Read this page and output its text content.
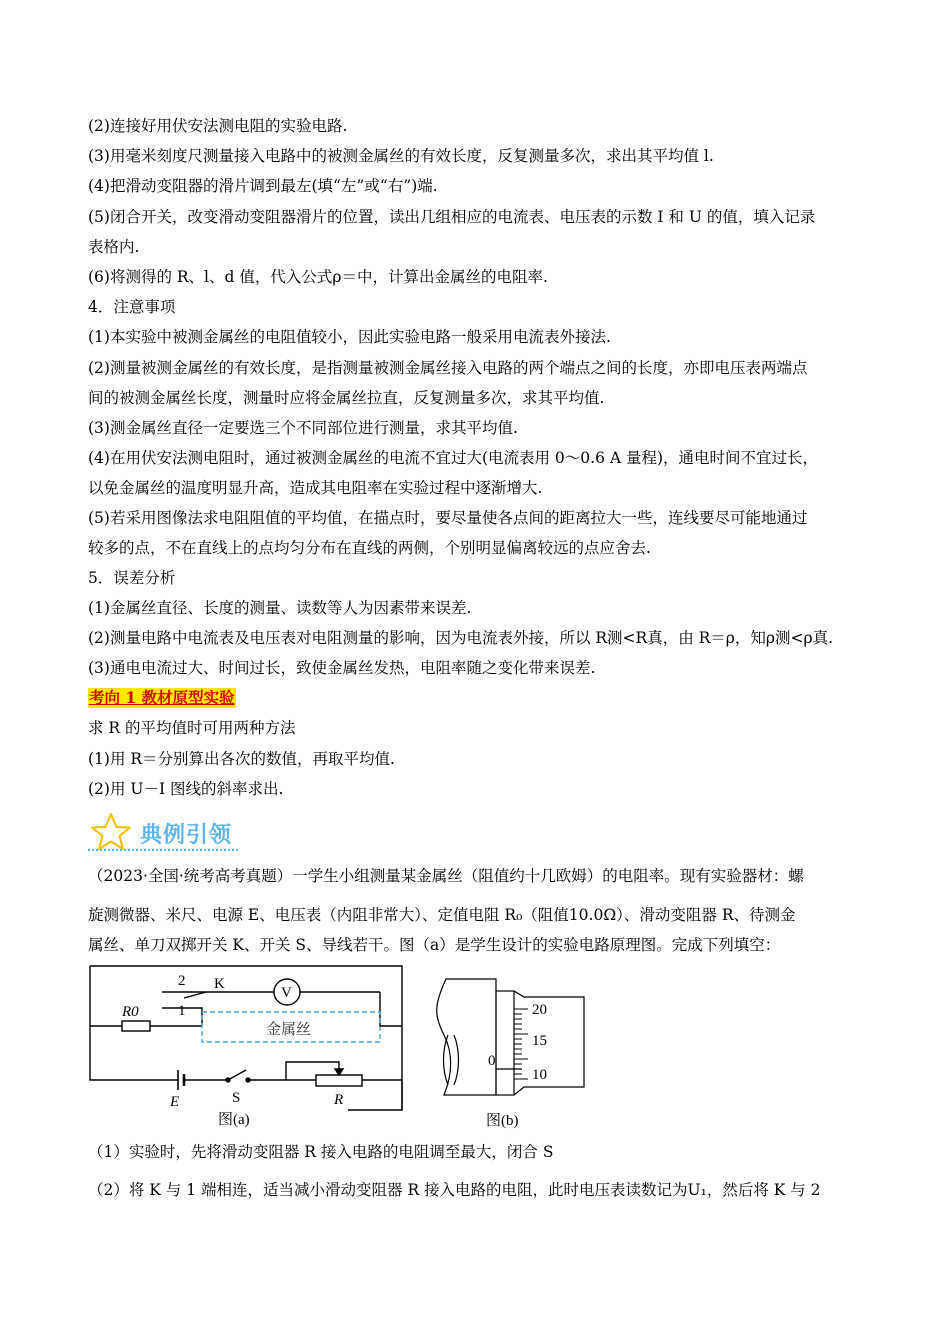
(2)连接好用伏安法测电阻的实验电路.
(3)用毫米刻度尺测量接入电路中的被测金属丝的有效长度，反复测量多次，求出其平均值 l.
(4)把滑动变阻器的滑片调到最左(填“左”或“右”)端.
(5)闭合开关，改变滑动变阻器滑片的位置，读出几组相应的电流表、电压表的示数 I 和 U 的值，填入记录
表格内.
(6)将测得的 R、l、d 值，代入公式ρ＝中，计算出金属丝的电阻率.
4．注意事项
(1)本实验中被测金属丝的电阻值较小，因此实验电路一般采用电流表外接法.
(2)测量被测金属丝的有效长度，是指测量被测金属丝接入电路的两个端点之间的长度，亦即电压表两端点
间的被测金属丝长度，测量时应将金属丝拉直，反复测量多次，求其平均值.
(3)测金属丝直径一定要选三个不同部位进行测量，求其平均值.
(4)在用伏安法测电阻时，通过被测金属丝的电流不宜过大(电流表用 0～0.6 A 量程)，通电时间不宜过长，
以免金属丝的温度明显升高，造成其电阻率在实验过程中逐渐增大.
(5)若采用图像法求电阻阻值的平均值，在描点时，要尽量使各点间的距离拉大一些，连线要尽可能地通过
较多的点，不在直线上的点均匀分布在直线的两侧，个别明显偏离较远的点应舍去.
5．误差分析
(1)金属丝直径、长度的测量、读数等人为因素带来误差.
(2)测量电路中电流表及电压表对电阻测量的影响，因为电流表外接，所以 R测<R真，由 R＝ρ，知ρ测<ρ真.
(3)通电电流过大、时间过长，致使金属丝发热，电阻率随之变化带来误差.
考向 1 教材原型实验
求 R 的平均值时可用两种方法
(1)用 R＝分别算出各次的数值，再取平均值.
(2)用 U－I 图线的斜率求出.
典例引领
（2023·全国·统考高考真题）一学生小组测量某金属丝（阻值约十几欧姆）的电阻率。现有实验器材：螺
旋测微器、米尺、电源 E、电压表（内阻非常大）、定值电阻 R₀（阻值10.0Ω）、滑动变阻器 R、待测金
属丝、单刀双掷开关 K、开关 S、导线若干。图（a）是学生设计的实验电路原理图。完成下列填空：
2
1
K
V
R0
金属丝
E	S	R
图(a)
20
15
10
0
图(b)
（1）实验时，先将滑动变阻器 R 接入电路的电阻调至最大，闭合 S
（2）将 K 与 1 端相连，适当减小滑动变阻器 R 接入电路的电阻，此时电压表读数记为U₁，然后将 K 与 2
